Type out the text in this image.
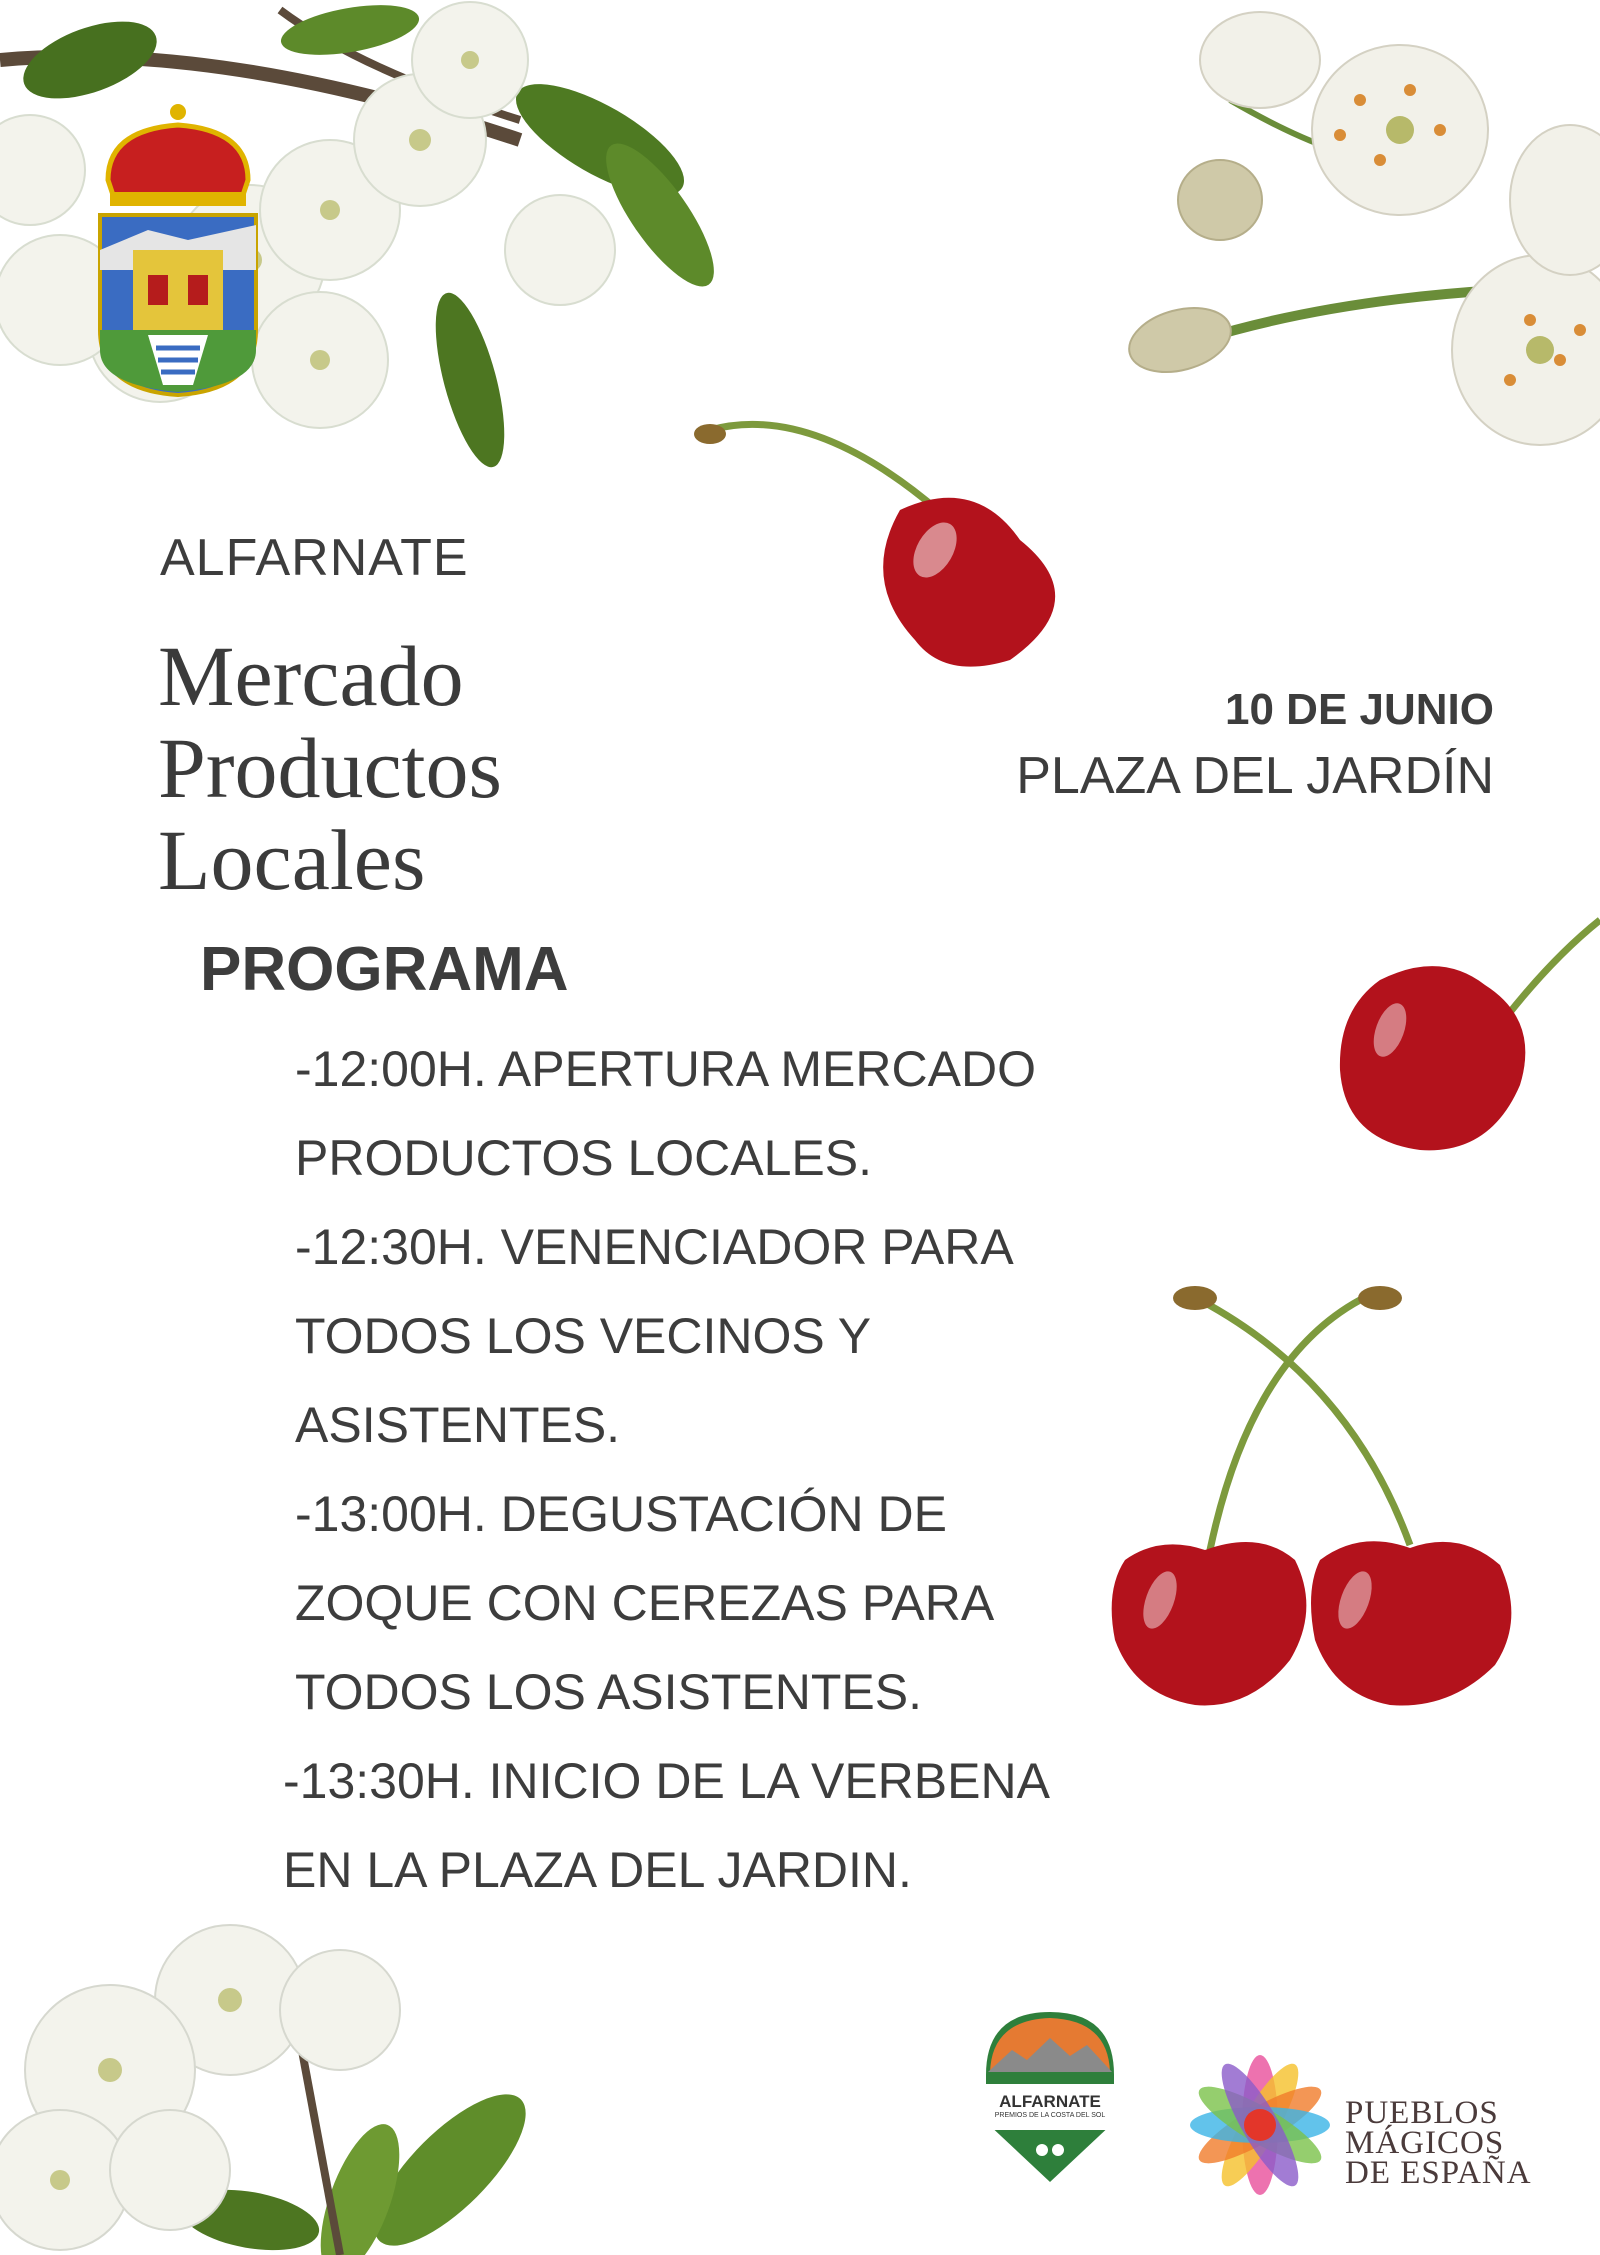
ALFARNATE
Mercado
Productos
Locales
10 DE JUNIO
PLAZA DEL JARDÍN
PROGRAMA
-12:00H. APERTURA MERCADO
PRODUCTOS LOCALES.
-12:30H. VENENCIADOR PARA
TODOS LOS VECINOS Y
ASISTENTES.
-13:00H. DEGUSTACIÓN DE
ZOQUE CON CEREZAS PARA
TODOS LOS ASISTENTES.
-13:30H. INICIO DE LA VERBENA
EN LA PLAZA DEL JARDIN.
ALFARNATE
PREMIOS DE LA COSTA DEL SOL	PUEBLOS
MÁGICOS
DE ESPAÑA
